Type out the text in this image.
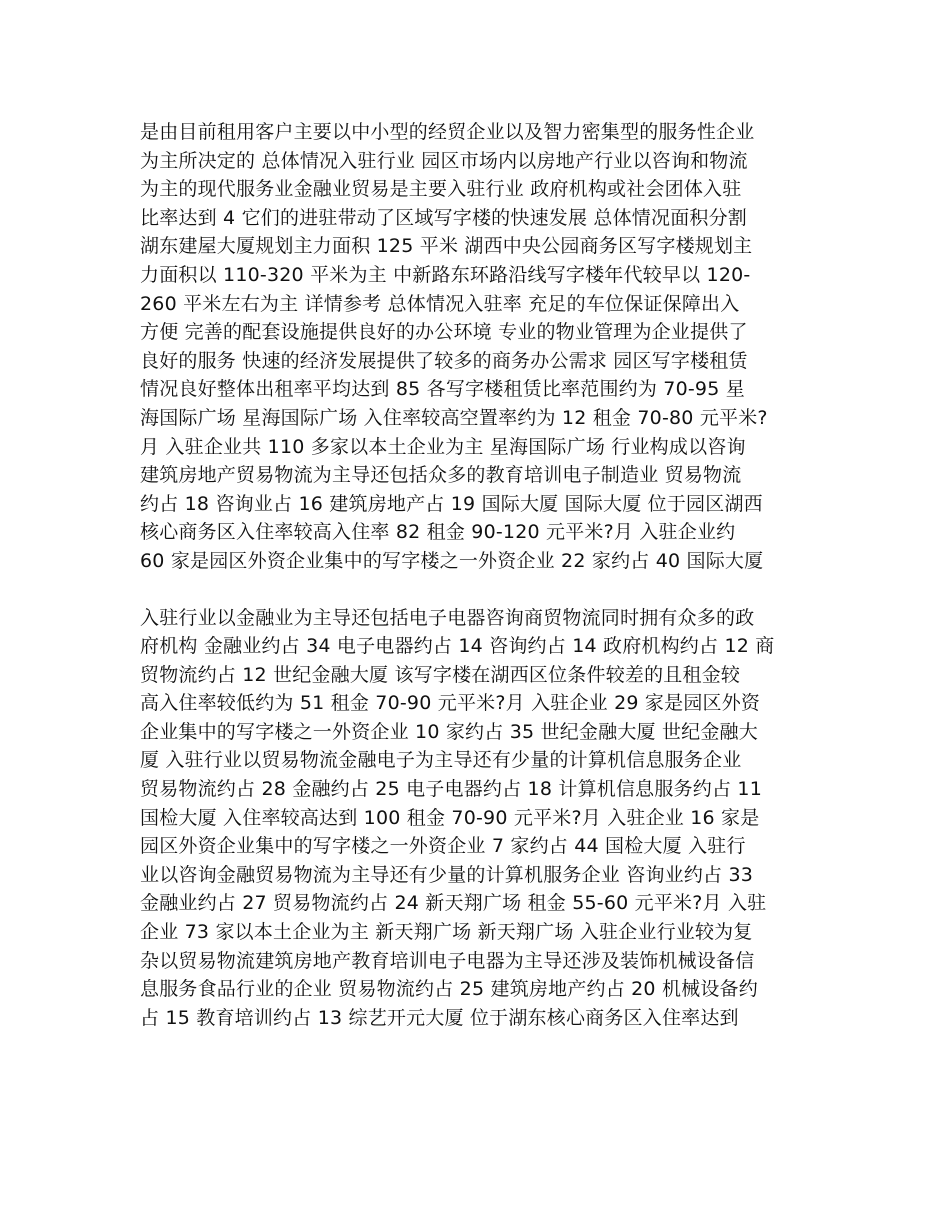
是由目前租用客户主要以中小型的经贸企业以及智力密集型的服务性企业
为主所决定的 总体情况入驻行业 园区市场内以房地产行业以咨询和物流
为主的现代服务业金融业贸易是主要入驻行业 政府机构或社会团体入驻
比率达到 4 它们的进驻带动了区域写字楼的快速发展 总体情况面积分割
湖东建屋大厦规划主力面积 125 平米 湖西中央公园商务区写字楼规划主
力面积以 110-320 平米为主 中新路东环路沿线写字楼年代较早以 120-
260 平米左右为主 详情参考 总体情况入驻率 充足的车位保证保障出入
方便 完善的配套设施提供良好的办公环境 专业的物业管理为企业提供了
良好的服务 快速的经济发展提供了较多的商务办公需求 园区写字楼租赁
情况良好整体出租率平均达到 85 各写字楼租赁比率范围约为 70-95 星
海国际广场 星海国际广场 入住率较高空置率约为 12 租金 70-80 元平米?
月 入驻企业共 110 多家以本土企业为主 星海国际广场 行业构成以咨询
建筑房地产贸易物流为主导还包括众多的教育培训电子制造业 贸易物流
约占 18 咨询业占 16 建筑房地产占 19 国际大厦 国际大厦 位于园区湖西
核心商务区入住率较高入住率 82 租金 90-120 元平米?月 入驻企业约
60 家是园区外资企业集中的写字楼之一外资企业 22 家约占 40 国际大厦
入驻行业以金融业为主导还包括电子电器咨询商贸物流同时拥有众多的政
府机构 金融业约占 34 电子电器约占 14 咨询约占 14 政府机构约占 12 商
贸物流约占 12 世纪金融大厦 该写字楼在湖西区位条件较差的且租金较
高入住率较低约为 51 租金 70-90 元平米?月 入驻企业 29 家是园区外资
企业集中的写字楼之一外资企业 10 家约占 35 世纪金融大厦 世纪金融大
厦 入驻行业以贸易物流金融电子为主导还有少量的计算机信息服务企业
贸易物流约占 28 金融约占 25 电子电器约占 18 计算机信息服务约占 11
国检大厦 入住率较高达到 100 租金 70-90 元平米?月 入驻企业 16 家是
园区外资企业集中的写字楼之一外资企业 7 家约占 44 国检大厦 入驻行
业以咨询金融贸易物流为主导还有少量的计算机服务企业 咨询业约占 33
金融业约占 27 贸易物流约占 24 新天翔广场 租金 55-60 元平米?月 入驻
企业 73 家以本土企业为主 新天翔广场 新天翔广场 入驻企业行业较为复
杂以贸易物流建筑房地产教育培训电子电器为主导还涉及装饰机械设备信
息服务食品行业的企业 贸易物流约占 25 建筑房地产约占 20 机械设备约
占 15 教育培训约占 13 综艺开元大厦 位于湖东核心商务区入住率达到
